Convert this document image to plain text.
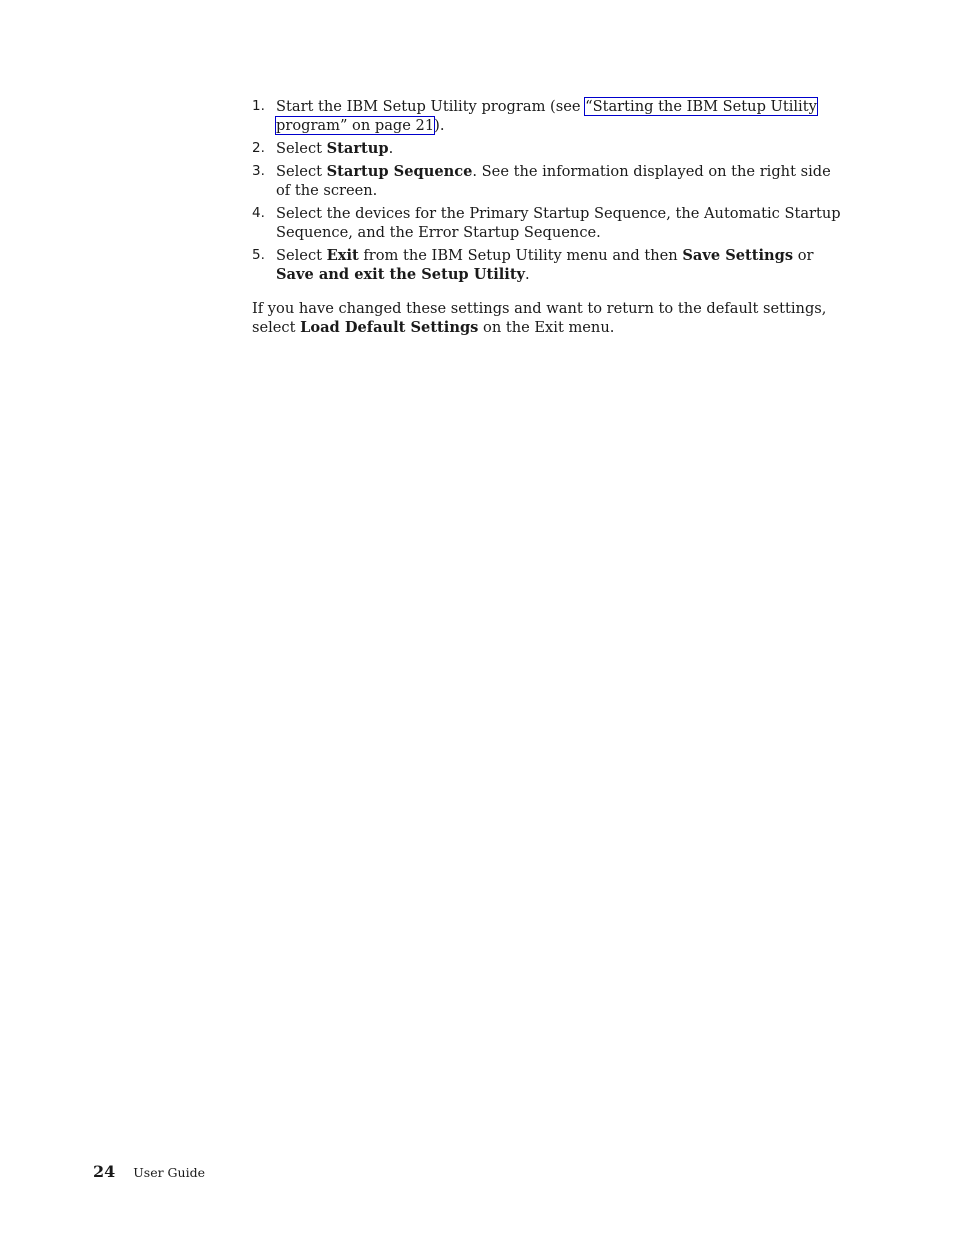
1. Start the IBM Setup Utility program (see “Starting the IBM Setup Utility program” on page 21).
2. Select Startup.
3. Select Startup Sequence. See the information displayed on the right side of the screen.
4. Select the devices for the Primary Startup Sequence, the Automatic Startup Sequence, and the Error Startup Sequence.
5. Select Exit from the IBM Setup Utility menu and then Save Settings or Save and exit the Setup Utility.

If you have changed these settings and want to return to the default settings, select Load Default Settings on the Exit menu.

24 User Guide
